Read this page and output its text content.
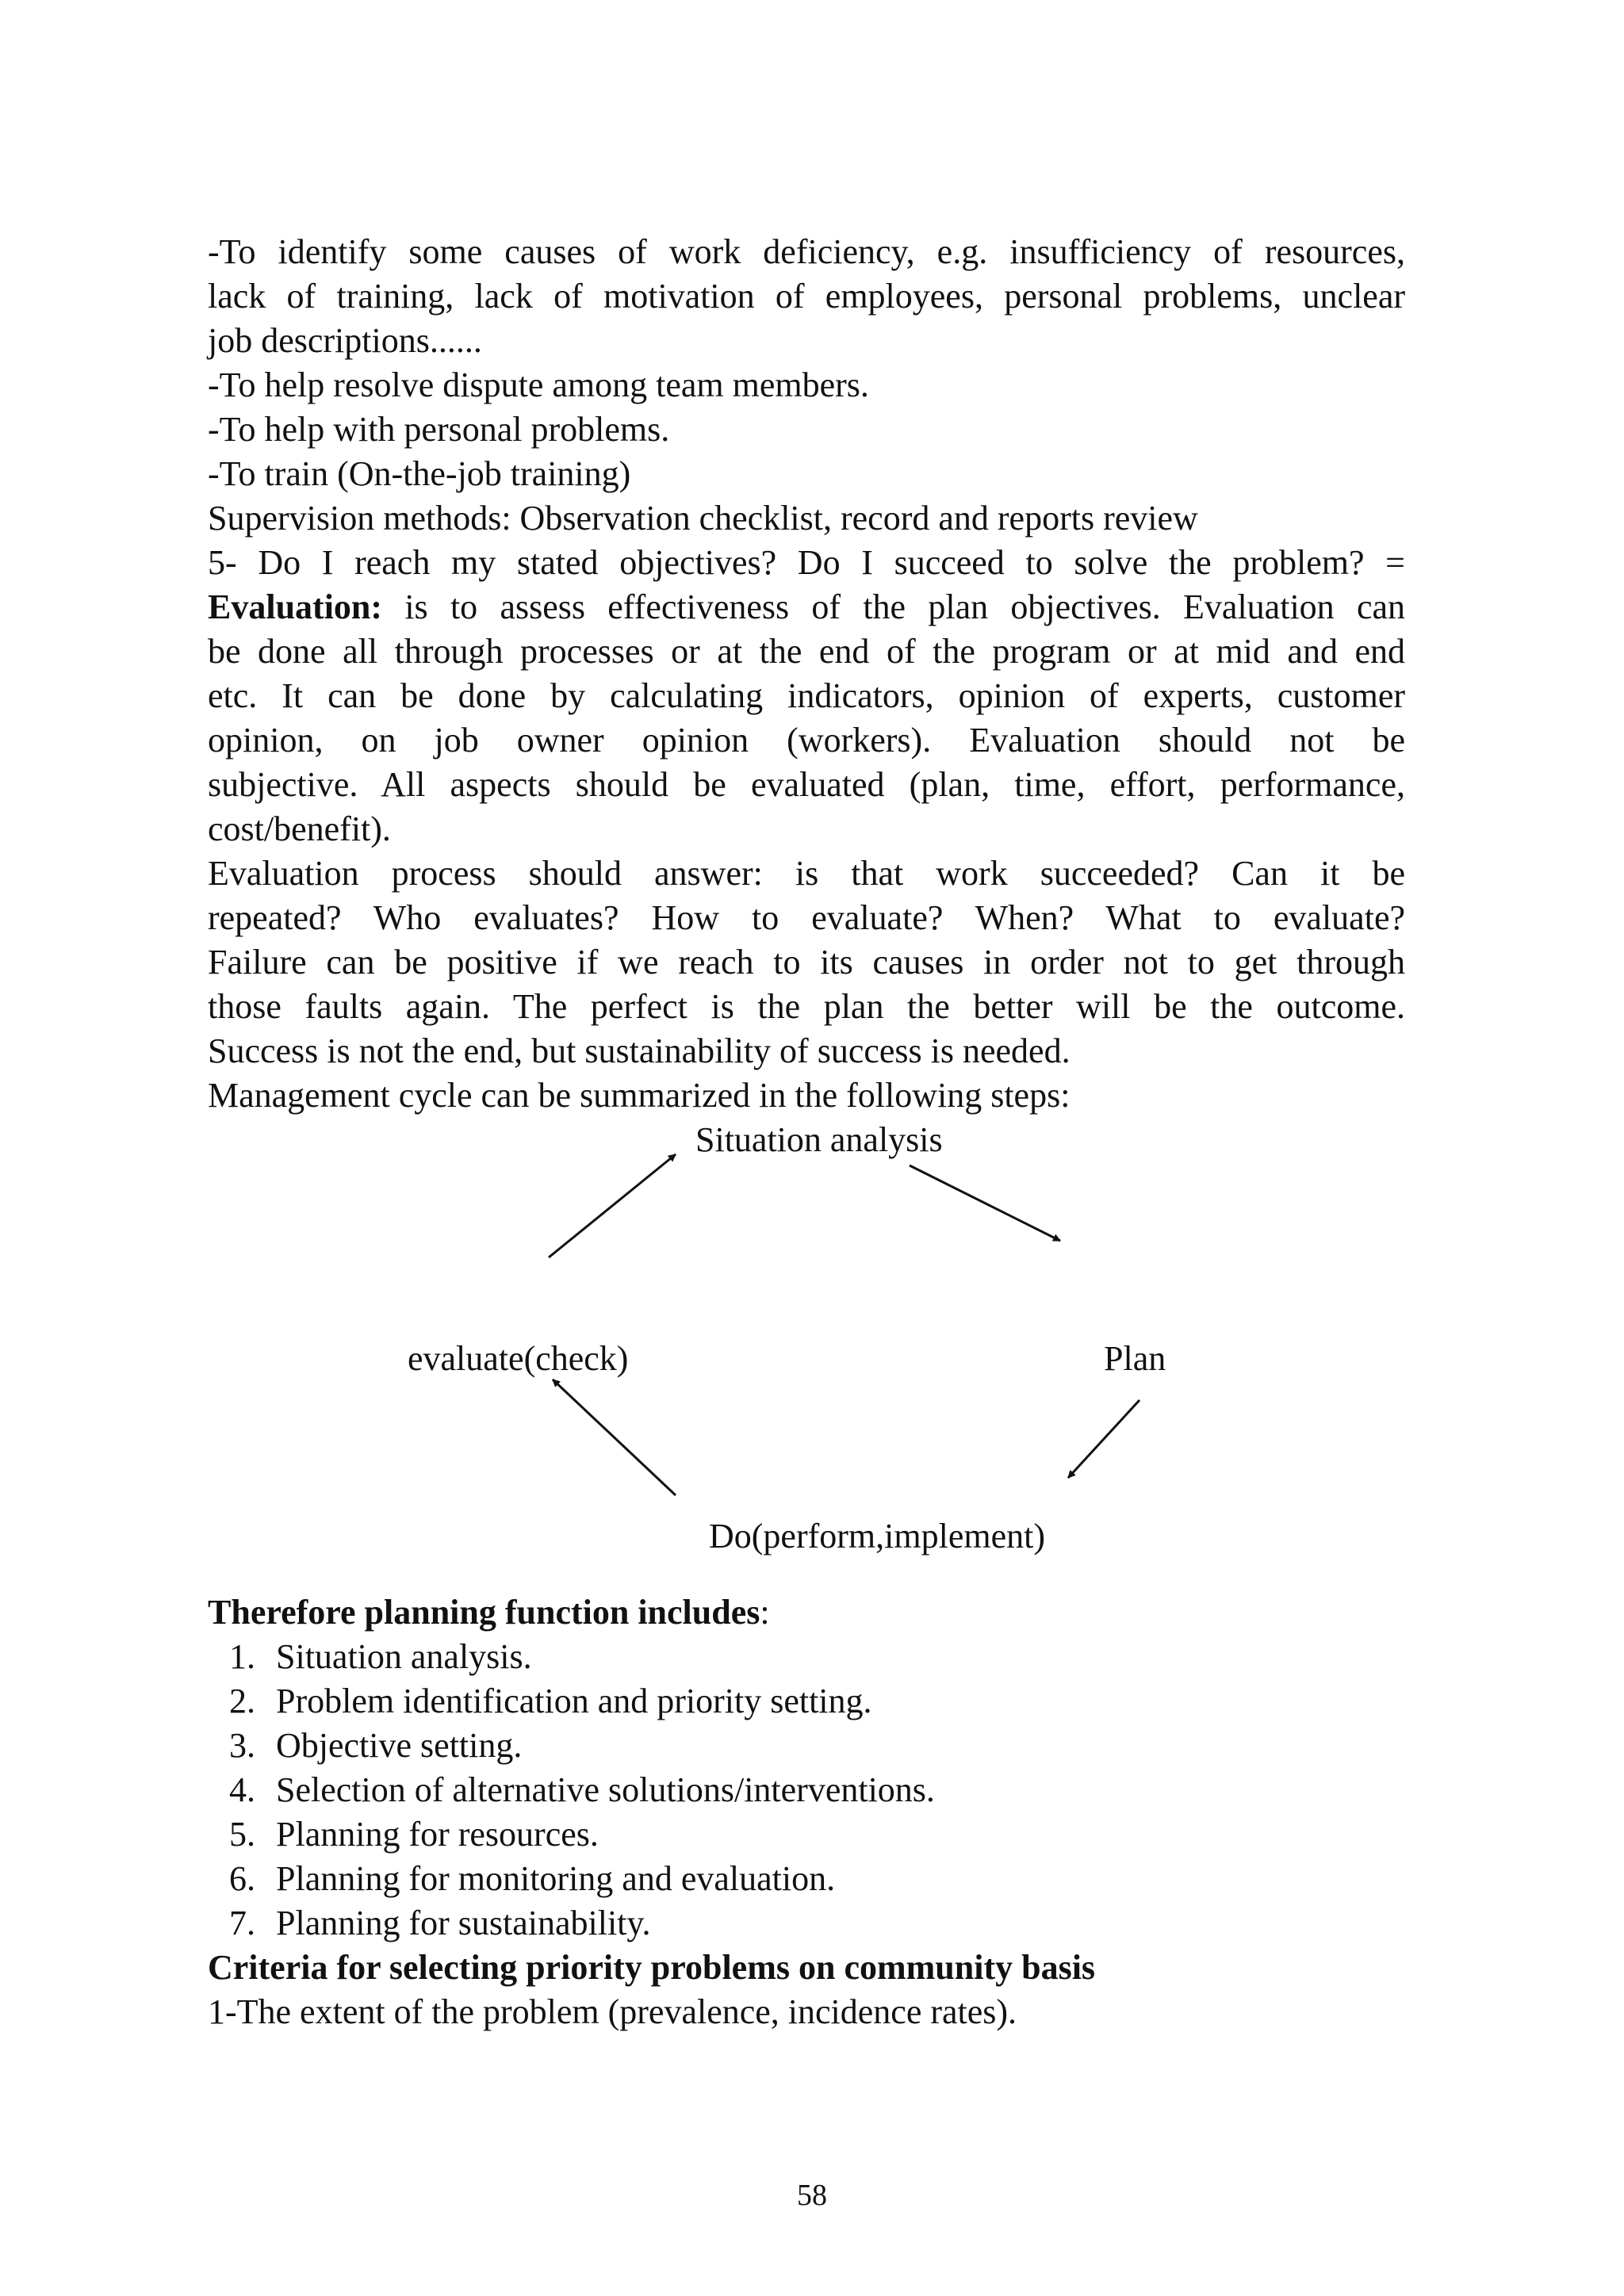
-To identify some causes of work deficiency, e.g. insufficiency of resources,

lack of training, lack of motivation of employees, personal problems, unclear

job descriptions......

-To help resolve dispute among team members.

-To help with personal problems.

-To train (On-the-job training)

Supervision methods: Observation checklist, record and reports review

5- Do I reach my stated objectives? Do I succeed to solve the problem? =

Evaluation: is to assess effectiveness of the plan objectives. Evaluation can

be done all through processes or at the end of the program or at mid and end

etc. It can be done by calculating indicators, opinion of experts, customer

opinion, on job owner opinion (workers). Evaluation should not be

subjective. All aspects should be evaluated (plan, time, effort, performance,

cost/benefit).

Evaluation process should answer: is that work succeeded? Can it be

repeated? Who evaluates? How to evaluate? When? What to evaluate?

Failure can be positive if we reach to its causes in order not to get through

those faults again. The perfect is the plan the better will be the outcome.

Success is not the end, but sustainability of success is needed.

Management cycle can be summarized in the following steps:

Situation analysis
evaluate(check)	Plan
Do(perform,implement)

Therefore planning function includes:

1. Situation analysis.
2. Problem identification and priority setting.
3. Objective setting.
4. Selection of alternative solutions/interventions.
5. Planning for resources.
6. Planning for monitoring and evaluation.
7. Planning for sustainability.

Criteria for selecting priority problems on community basis

1-The extent of the problem (prevalence, incidence rates).

58
